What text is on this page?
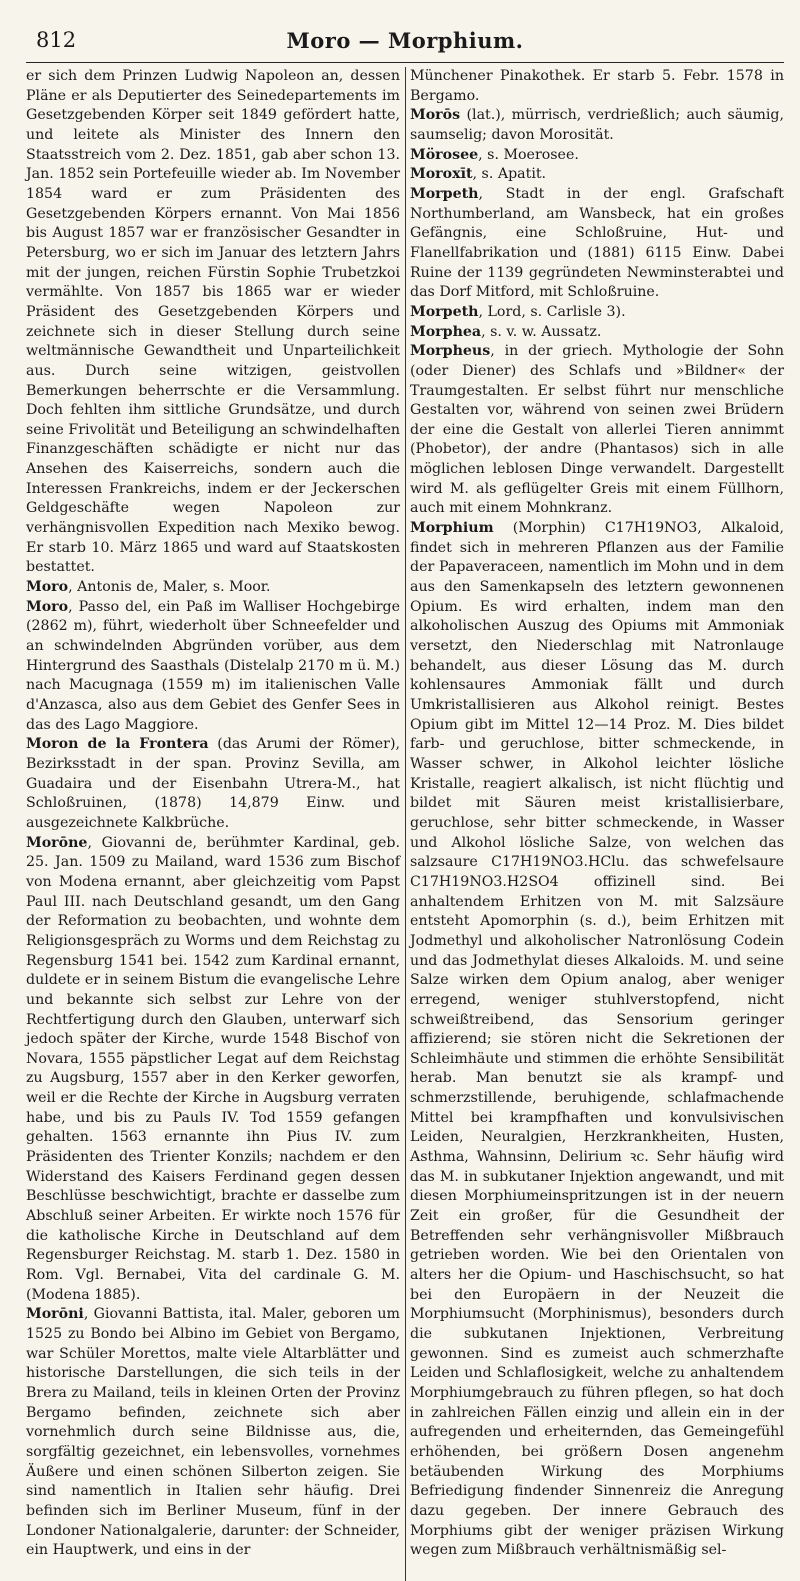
812	Moro — Morphium.

er sich dem Prinzen Ludwig Napoleon an, dessen Pläne er als Deputierter des Seinedepartements im Gesetzgebenden Körper seit 1849 gefördert hatte, und leitete als Minister des Innern den Staatsstreich vom 2. Dez. 1851, gab aber schon 13. Jan. 1852 sein Portefeuille wieder ab. Im November 1854 ward er zum Präsidenten des Gesetzgebenden Körpers ernannt. Von Mai 1856 bis August 1857 war er französischer Gesandter in Petersburg, wo er sich im Januar des letztern Jahrs mit der jungen, reichen Fürstin Sophie Trubetzkoi vermählte. Von 1857 bis 1865 war er wieder Präsident des Gesetzgebenden Körpers und zeichnete sich in dieser Stellung durch seine weltmännische Gewandtheit und Unparteilichkeit aus. Durch seine witzigen, geistvollen Bemerkungen beherrschte er die Versammlung. Doch fehlten ihm sittliche Grundsätze, und durch seine Frivolität und Beteiligung an schwindelhaften Finanzgeschäften schädigte er nicht nur das Ansehen des Kaiserreichs, sondern auch die Interessen Frankreichs, indem er der Jeckerschen Geldgeschäfte wegen Napoleon zur verhängnisvollen Expedition nach Mexiko bewog. Er starb 10. März 1865 und ward auf Staatskosten bestattet.

Moro, Antonis de, Maler, s. Moor.

Moro, Passo del, ein Paß im Walliser Hochgebirge (2862 m), führt, wiederholt über Schneefelder und an schwindelnden Abgründen vorüber, aus dem Hintergrund des Saasthals (Distelalp 2170 m ü. M.) nach Macugnaga (1559 m) im italienischen Valle d'Anzasca, also aus dem Gebiet des Genfer Sees in das des Lago Maggiore.

Moron de la Frontera (das Arumi der Römer), Bezirksstadt in der span. Provinz Sevilla, am Guadaira und der Eisenbahn Utrera-M., hat Schloßruinen, (1878) 14,879 Einw. und ausgezeichnete Kalkbrüche.

Morōne, Giovanni de, berühmter Kardinal, geb. 25. Jan. 1509 zu Mailand, ward 1536 zum Bischof von Modena ernannt, aber gleichzeitig vom Papst Paul III. nach Deutschland gesandt, um den Gang der Reformation zu beobachten, und wohnte dem Religionsgespräch zu Worms und dem Reichstag zu Regensburg 1541 bei. 1542 zum Kardinal ernannt, duldete er in seinem Bistum die evangelische Lehre und bekannte sich selbst zur Lehre von der Rechtfertigung durch den Glauben, unterwarf sich jedoch später der Kirche, wurde 1548 Bischof von Novara, 1555 päpstlicher Legat auf dem Reichstag zu Augsburg, 1557 aber in den Kerker geworfen, weil er die Rechte der Kirche in Augsburg verraten habe, und bis zu Pauls IV. Tod 1559 gefangen gehalten. 1563 ernannte ihn Pius IV. zum Präsidenten des Trienter Konzils; nachdem er den Widerstand des Kaisers Ferdinand gegen dessen Beschlüsse beschwichtigt, brachte er dasselbe zum Abschluß seiner Arbeiten. Er wirkte noch 1576 für die katholische Kirche in Deutschland auf dem Regensburger Reichstag. M. starb 1. Dez. 1580 in Rom. Vgl. Bernabei, Vita del cardinale G. M. (Modena 1885).

Morōni, Giovanni Battista, ital. Maler, geboren um 1525 zu Bondo bei Albino im Gebiet von Bergamo, war Schüler Morettos, malte viele Altarblätter und historische Darstellungen, die sich teils in der Brera zu Mailand, teils in kleinen Orten der Provinz Bergamo befinden, zeichnete sich aber vornehmlich durch seine Bildnisse aus, die, sorgfältig gezeichnet, ein lebensvolles, vornehmes Äußere und einen schönen Silberton zeigen. Sie sind namentlich in Italien sehr häufig. Drei befinden sich im Berliner Museum, fünf in der Londoner Nationalgalerie, darunter: der Schneider, ein Hauptwerk, und eins in der

Münchener Pinakothek. Er starb 5. Febr. 1578 in Bergamo.

Morōs (lat.), mürrisch, verdrießlich; auch säumig, saumselig; davon Morosität.

Mörosee, s. Moerosee.

Moroxīt, s. Apatit.

Morpeth, Stadt in der engl. Grafschaft Northumberland, am Wansbeck, hat ein großes Gefängnis, eine Schloßruine, Hut- und Flanellfabrikation und (1881) 6115 Einw. Dabei Ruine der 1139 gegründeten Newminsterabtei und das Dorf Mitford, mit Schloßruine.

Morpeth, Lord, s. Carlisle 3).

Morphea, s. v. w. Aussatz.

Morpheus, in der griech. Mythologie der Sohn (oder Diener) des Schlafs und »Bildner« der Traumgestalten. Er selbst führt nur menschliche Gestalten vor, während von seinen zwei Brüdern der eine die Gestalt von allerlei Tieren annimmt (Phobetor), der andre (Phantasos) sich in alle möglichen leblosen Dinge verwandelt. Dargestellt wird M. als geflügelter Greis mit einem Füllhorn, auch mit einem Mohnkranz.

Morphium (Morphin) C17H19NO3, Alkaloid, findet sich in mehreren Pflanzen aus der Familie der Papaveraceen, namentlich im Mohn und in dem aus den Samenkapseln des letztern gewonnenen Opium. Es wird erhalten, indem man den alkoholischen Auszug des Opiums mit Ammoniak versetzt, den Niederschlag mit Natronlauge behandelt, aus dieser Lösung das M. durch kohlensaures Ammoniak fällt und durch Umkristallisieren aus Alkohol reinigt. Bestes Opium gibt im Mittel 12—14 Proz. M. Dies bildet farb- und geruchlose, bitter schmeckende, in Wasser schwer, in Alkohol leichter lösliche Kristalle, reagiert alkalisch, ist nicht flüchtig und bildet mit Säuren meist kristallisierbare, geruchlose, sehr bitter schmeckende, in Wasser und Alkohol lösliche Salze, von welchen das salzsaure C17H19NO3.HClu. das schwefelsaure C17H19NO3.H2SO4 offizinell sind. Bei anhaltendem Erhitzen von M. mit Salzsäure entsteht Apomorphin (s. d.), beim Erhitzen mit Jodmethyl und alkoholischer Natronlösung Codein und das Jodmethylat dieses Alkaloids. M. und seine Salze wirken dem Opium analog, aber weniger erregend, weniger stuhlverstopfend, nicht schweißtreibend, das Sensorium geringer affizierend; sie stören nicht die Sekretionen der Schleimhäute und stimmen die erhöhte Sensibilität herab. Man benutzt sie als krampf- und schmerzstillende, beruhigende, schlafmachende Mittel bei krampfhaften und konvulsivischen Leiden, Neuralgien, Herzkrankheiten, Husten, Asthma, Wahnsinn, Delirium ꝛc. Sehr häufig wird das M. in subkutaner Injektion angewandt, und mit diesen Morphiumeinspritzungen ist in der neuern Zeit ein großer, für die Gesundheit der Betreffenden sehr verhängnisvoller Mißbrauch getrieben worden. Wie bei den Orientalen von alters her die Opium- und Haschischsucht, so hat bei den Europäern in der Neuzeit die Morphiumsucht (Morphinismus), besonders durch die subkutanen Injektionen, Verbreitung gewonnen. Sind es zumeist auch schmerzhafte Leiden und Schlaflosigkeit, welche zu anhaltendem Morphiumgebrauch zu führen pflegen, so hat doch in zahlreichen Fällen einzig und allein ein in der aufregenden und erheiternden, das Gemeingefühl erhöhenden, bei größern Dosen angenehm betäubenden Wirkung des Morphiums Befriedigung findender Sinnenreiz die Anregung dazu gegeben. Der innere Gebrauch des Morphiums gibt der weniger präzisen Wirkung wegen zum Mißbrauch verhältnismäßig sel-
